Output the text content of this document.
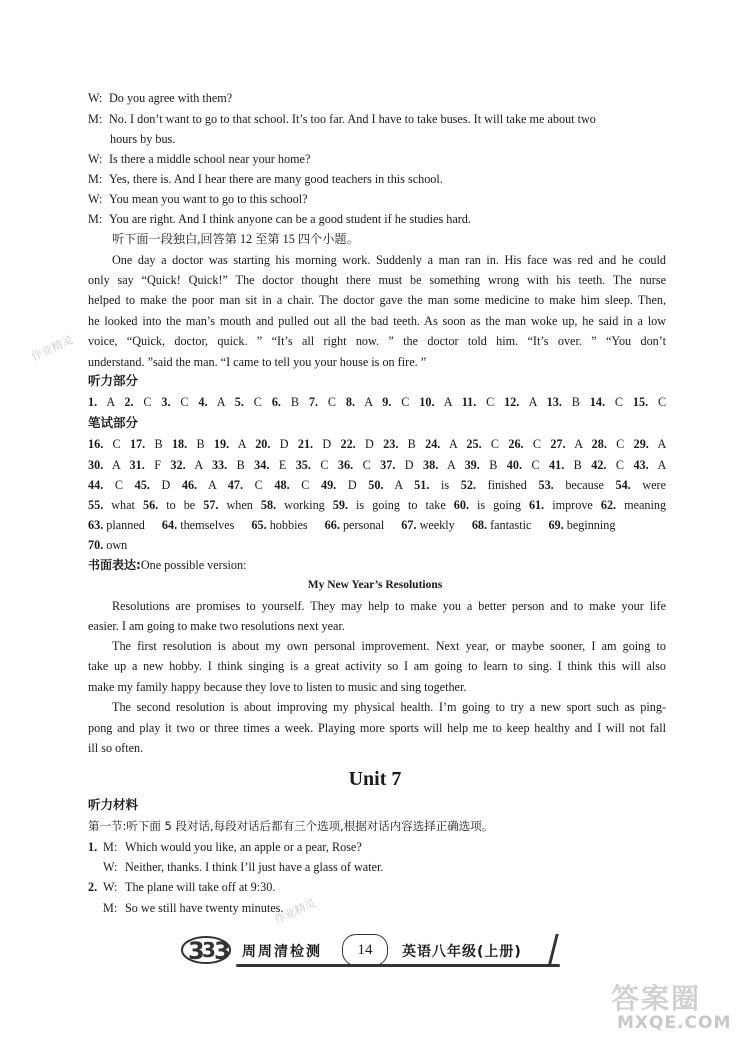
W: Do you agree with them?
M: No. I don’t want to go to that school. It’s too far. And I have to take buses. It will take me about two
hours by bus.
W: Is there a middle school near your home?
M: Yes, there is. And I hear there are many good teachers in this school.
W: You mean you want to go to this school?
M: You are right. And I think anyone can be a good student if he studies hard.
听下面一段独白,回答第 12 至第 15 四个小题。
One day a doctor was starting his morning work. Suddenly a man ran in. His face was red and he could
only say “Quick! Quick!” The doctor thought there must be something wrong with his teeth. The nurse
helped to make the poor man sit in a chair. The doctor gave the man some medicine to make him sleep. Then,
he looked into the man’s mouth and pulled out all the bad teeth. As soon as the man woke up, he said in a low
voice, “Quick, doctor, quick. ” “It’s all right now. ” the doctor told him. “It’s over. ” “You don’t
understand. ”said the man. “I came to tell you your house is on fire. ”
听力部分
1. A 2. C 3. C 4. A 5. C 6. B 7. C 8. A 9. C 10. A 11. C 12. A 13. B 14. C 15. C
笔试部分
16. C 17. B 18. B 19. A 20. D 21. D 22. D 23. B 24. A 25. C 26. C 27. A 28. C 29. A
30. A 31. F 32. A 33. B 34. E 35. C 36. C 37. D 38. A 39. B 40. C 41. B 42. C 43. A
44. C 45. D 46. A 47. C 48. C 49. D 50. A 51. is 52. finished 53. because 54. were
55. what 56. to be 57. when 58. working 59. is going to take 60. is going 61. improve 62. meaning
63. planned 64. themselves 65. hobbies 66. personal 67. weekly 68. fantastic 69. beginning
70. own
书面表达:One possible version:
My New Year’s Resolutions
Resolutions are promises to yourself. They may help to make you a better person and to make your life
easier. I am going to make two resolutions next year.
The first resolution is about my own personal improvement. Next year, or maybe sooner, I am going to
take up a new hobby. I think singing is a great activity so I am going to learn to sing. I think this will also
make my family happy because they love to listen to music and sing together.
The second resolution is about improving my physical health. I’m going to try a new sport such as ping-
pong and play it two or three times a week. Playing more sports will help me to keep healthy and I will not fall
ill so often.
Unit 7
听力材料
第一节:听下面 5 段对话,每段对话后都有三个选项,根据对话内容选择正确选项。
1. M: Which would you like, an apple or a pear, Rose?
W: Neither, thanks. I think I’ll just have a glass of water.
2. W: The plane will take off at 9:30.
M: So we still have twenty minutes.
作业精灵
作业精灵
3
3
3 周周清检测	14	英语八年级(上册)
答案圈
MXQE.COM
